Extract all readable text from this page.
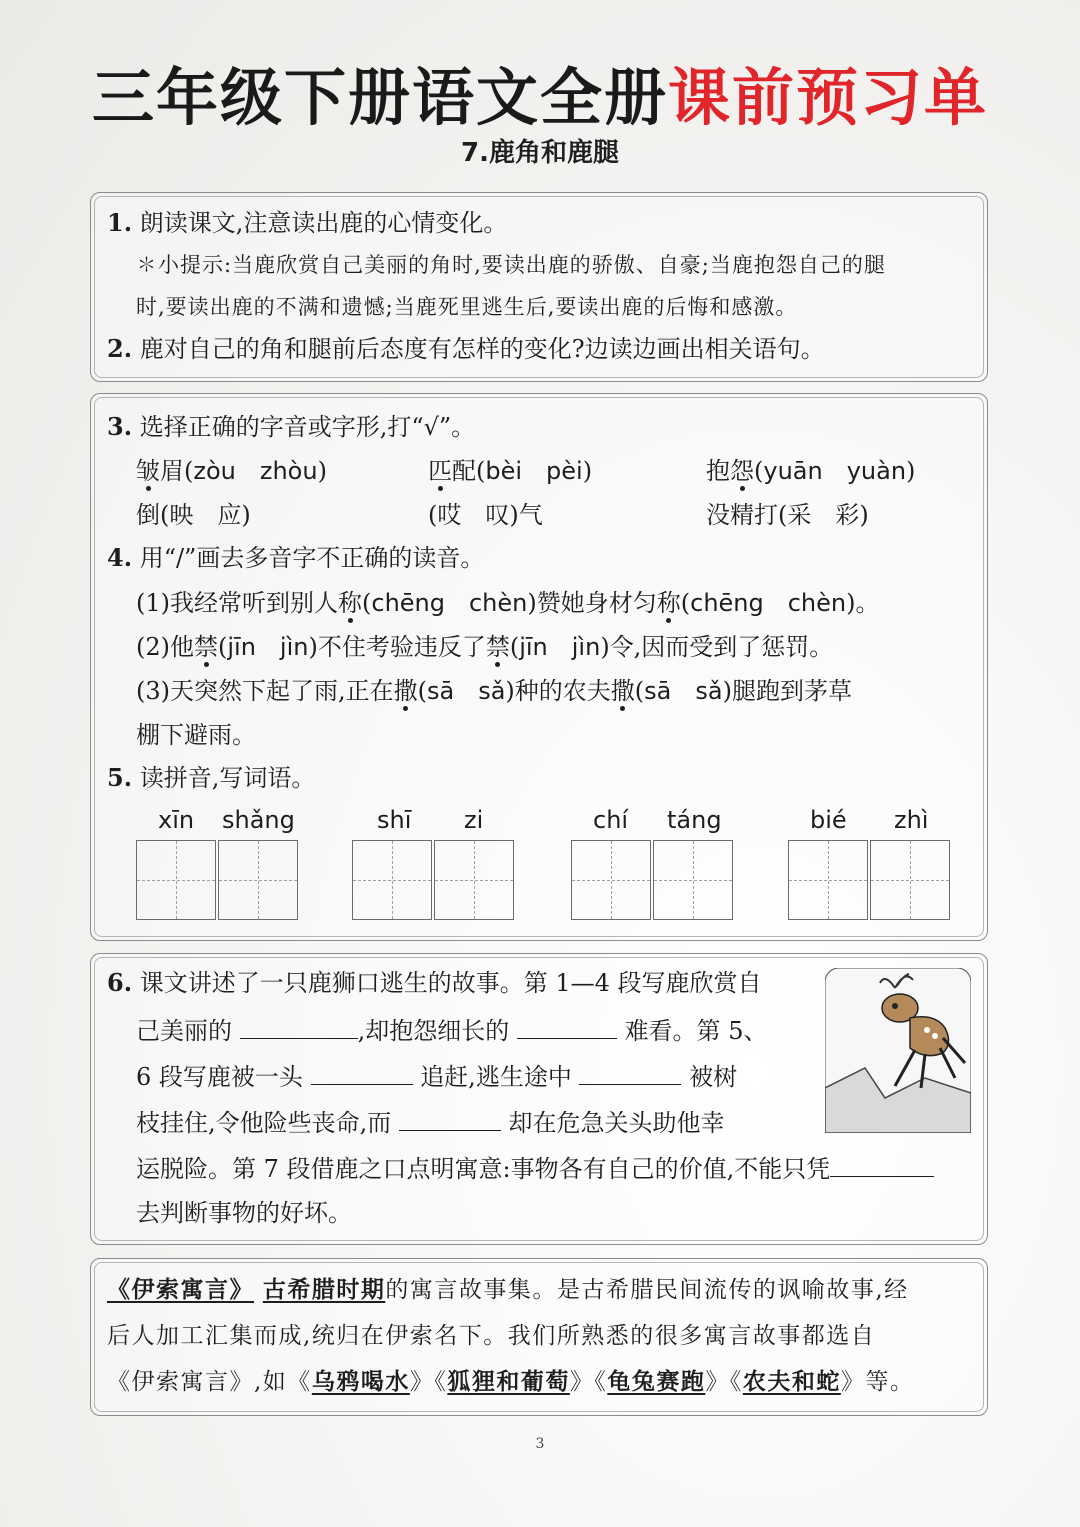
三年级下册语文全册课前预习单
7.鹿角和鹿腿
1. 朗读课文,注意读出鹿的心情变化。
✽小提示:当鹿欣赏自己美丽的角时,要读出鹿的骄傲、自豪;当鹿抱怨自己的腿
时,要读出鹿的不满和遗憾;当鹿死里逃生后,要读出鹿的后悔和感激。
2. 鹿对自己的角和腿前后态度有怎样的变化?边读边画出相关语句。
3. 选择正确的字音或字形,打“√”。
皱眉(zòu　zhòu)	匹配(bèi　pèi)	抱怨(yuān　yuàn)
倒(映　应)	(哎　叹)气	没精打(采　彩)
4. 用“/”画去多音字不正确的读音。
(1)我经常听到别人称(chēng　chèn)赞她身材匀称(chēng　chèn)。
(2)他禁(jīn　jìn)不住考验违反了禁(jīn　jìn)令,因而受到了惩罚。
(3)天突然下起了雨,正在撒(sā　sǎ)种的农夫撒(sā　sǎ)腿跑到茅草
棚下避雨。
5. 读拼音,写词语。
xīn shǎng	shī zi	chí táng	bié zhì
6. 课文讲述了一只鹿狮口逃生的故事。第 1—4 段写鹿欣赏自
己美丽的	,却抱怨细长的	难看。第 5、
6 段写鹿被一头	追赶,逃生途中	被树
枝挂住,令他险些丧命,而	却在危急关头助他幸
运脱险。第 7 段借鹿之口点明寓意:事物各有自己的价值,不能只凭
去判断事物的好坏。
《伊索寓言》 古希腊时期的寓言故事集。是古希腊民间流传的讽喻故事,经
后人加工汇集而成,统归在伊索名下。我们所熟悉的很多寓言故事都选自
《伊索寓言》,如《乌鸦喝水》《狐狸和葡萄》《龟兔赛跑》《农夫和蛇》等。
3
